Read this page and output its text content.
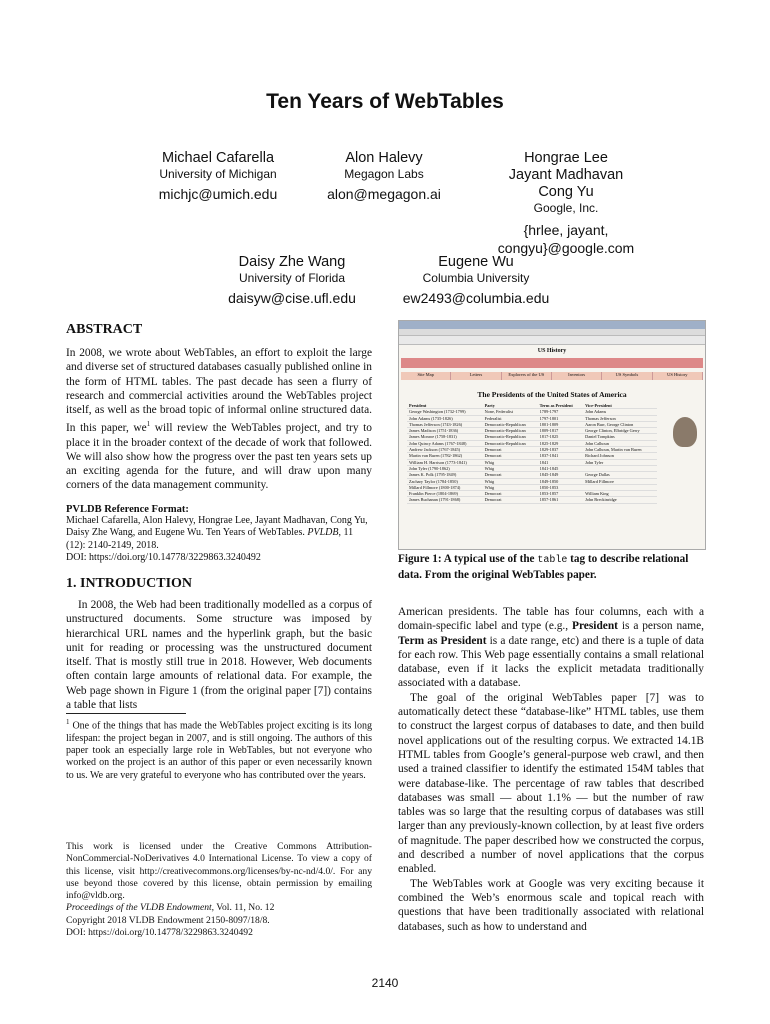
Ten Years of WebTables
Michael Cafarella
University of Michigan
michjc@umich.edu
Alon Halevy
Megagon Labs
alon@megagon.ai
Hongrae Lee
Jayant Madhavan
Cong Yu
Google, Inc.
{hrlee, jayant,
congyu}@google.com
Daisy Zhe Wang
University of Florida
daisyw@cise.ufl.edu
Eugene Wu
Columbia University
ew2493@columbia.edu
ABSTRACT

In 2008, we wrote about WebTables, an effort to exploit the large and diverse set of structured databases casually published online in the form of HTML tables. The past decade has seen a flurry of research and commercial activities around the WebTables project itself, as well as the broad topic of informal online structured data. In this paper, $we^1$ will review the WebTables project, and try to place it in the broader context of the decade of work that followed. We will also show how the progress over the past ten years sets up an exciting agenda for the future, and will draw upon many corners of the data management community.

PVLDB Reference Format:

Michael Cafarella, Alon Halevy, Hongrae Lee, Jayant Madhavan, Cong Yu, Daisy Zhe Wang, and Eugene Wu. Ten Years of WebTables. PVLDB, 11 (12): 2140-2149, 2018.

DOI: https://doi.org/10.14778/3229863.3240492

1. INTRODUCTION

In 2008, the Web had been traditionally modelled as a corpus of unstructured documents. Some structure was imposed by hierarchical URL names and the hyperlink graph, but the basic unit for reading or processing was the unstructured document itself. That is mostly still true in 2018. However, Web documents often contain large amounts of relational data. For example, the Web page shown in Figure 1 (from the original paper [7]) contains a table that lists

$^1$ One of the things that has made the WebTables project exciting is its long lifespan: the project began in 2007, and is still ongoing. The authors of this paper took an especially large role in WebTables, but not everyone who worked on the project is an author of this paper or even necessarily known to us. We are very grateful to everyone who has contributed over the years.

This work is licensed under the Creative Commons Attribution-NonCommercial-NoDerivatives 4.0 International License. To view a copy of this license, visit http://creativecommons.org/licenses/by-nc-nd/4.0/. For any use beyond those covered by this license, obtain permission by emailing info@vldb.org.

Proceedings of the VLDB Endowment, Vol. 11, No. 12

Copyright 2018 VLDB Endowment 2150-8097/18/8.

DOI: https://doi.org/10.14778/3229863.3240492

US History
Site Map	Letters	Explorers of the US	Inventors	US Symbols	US History
The Presidents of the United States of America
President	Party	Term as President	Vice-President
George Washington (1732-1799)	None, Federalist	1789-1797	John Adams
John Adams (1735-1826)	Federalist	1797-1801	Thomas Jefferson
Thomas Jefferson (1743-1826)	Democratic-Republican	1801-1809	Aaron Burr, George Clinton
James Madison (1751-1836)	Democratic-Republican	1809-1817	George Clinton, Elbridge Gerry
James Monroe (1758-1831)	Democratic-Republican	1817-1825	Daniel Tompkins
John Quincy Adams (1767-1848)	Democratic-Republican	1825-1829	John Calhoun
Andrew Jackson (1767-1845)	Democrat	1829-1837	John Calhoun, Martin van Buren
Martin van Buren (1782-1862)	Democrat	1837-1841	Richard Johnson
William H. Harrison (1773-1841)	Whig	1841	John Tyler
John Tyler (1790-1862)	Whig	1841-1845	
James K. Polk (1795-1849)	Democrat	1845-1849	George Dallas
Zachary Taylor (1784-1850)	Whig	1849-1850	Millard Fillmore
Millard Fillmore (1800-1874)	Whig	1850-1853	
Franklin Pierce (1804-1869)	Democrat	1853-1857	William King
James Buchanan (1791-1868)	Democrat	1857-1861	John Breckinridge

Figure 1: A typical use of the table tag to describe relational data. From the original WebTables paper.

American presidents. The table has four columns, each with a domain-specific label and type (e.g., President is a person name, Term as President is a date range, etc) and there is a tuple of data for each row. This Web page essentially contains a small relational database, even if it lacks the explicit metadata traditionally associated with a database.

The goal of the original WebTables paper [7] was to automatically detect these “database-like” HTML tables, use them to construct the largest corpus of databases to date, and then build novel applications out of the resulting corpus. We extracted 14.1B HTML tables from Google’s general-purpose web crawl, and then used a trained classifier to identify the estimated 154M tables that were database-like. The percentage of raw tables that described databases was small — about 1.1% — but the number of raw tables was so large that the resulting corpus of databases was still larger than any previously-known collection, by at least five orders of magnitude. The paper described how we constructed the corpus, and described a number of novel applications that the corpus enabled.

The WebTables work at Google was very exciting because it combined the Web’s enormous scale and topical reach with questions that have been traditionally associated with relational databases, such as how to understand and

2140
